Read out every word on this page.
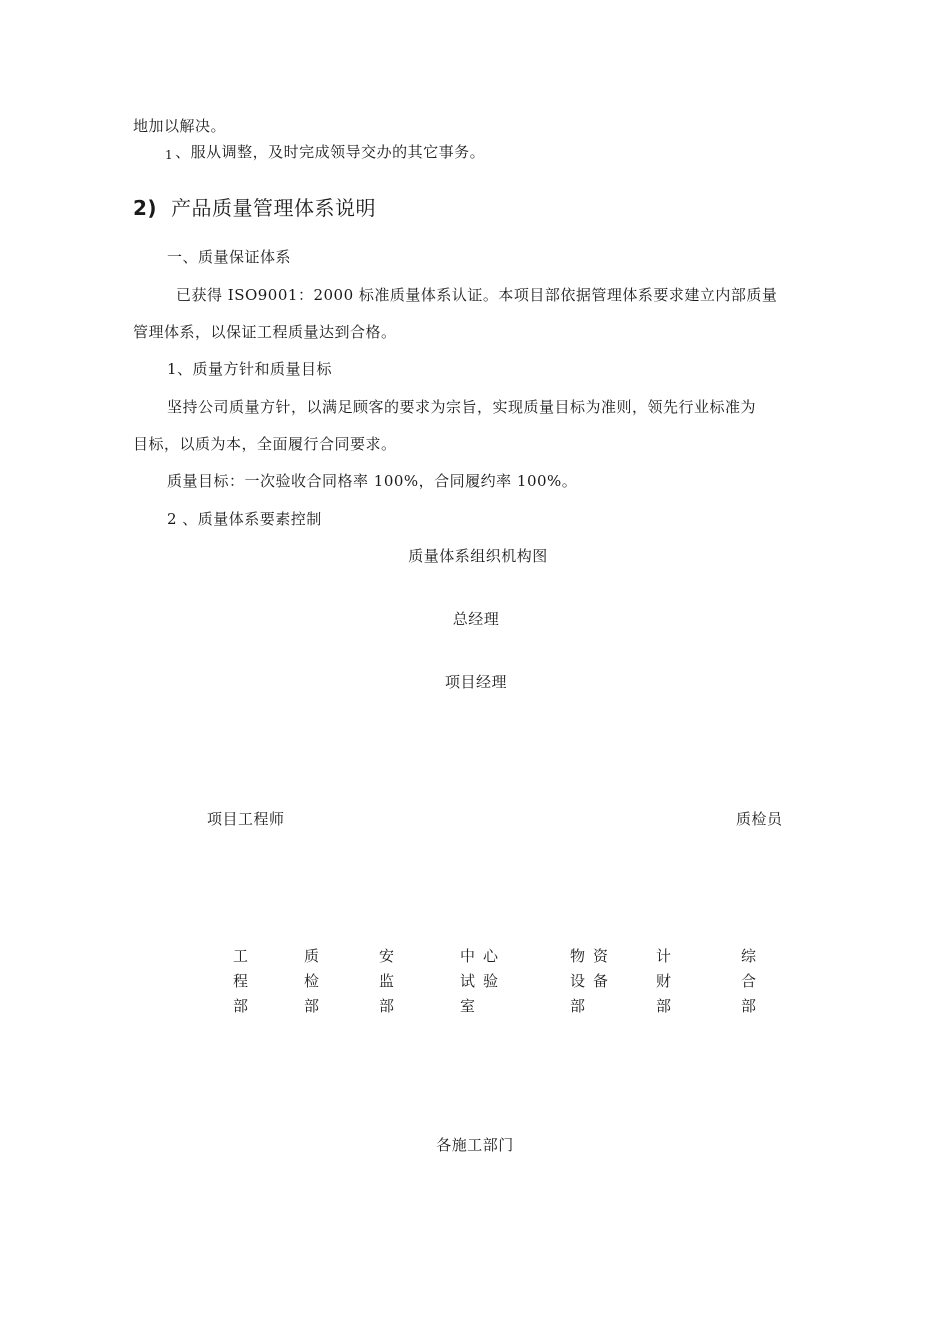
地加以解决。
1 、服从调整，及时完成领导交办的其它事务。
2) 产品质量管理体系说明
一、质量保证体系
已获得 ISO9001：2000 标准质量体系认证。本项目部依据管理体系要求建立内部质量
管理体系，以保证工程质量达到合格。
1、质量方针和质量目标
坚持公司质量方针，以满足顾客的要求为宗旨，实现质量目标为准则，领先行业标准为
目标，以质为本，全面履行合同要求。
质量目标：一次验收合同格率 100%，合同履约率 100%。
2 、质量体系要素控制
质量体系组织机构图
总经理
项目经理
项目工程师	质检员
工
程
部
质
检
部
安
监
部
中心
试验
室
物资
设备
部
计
财
部
综
合
部
各施工部门
